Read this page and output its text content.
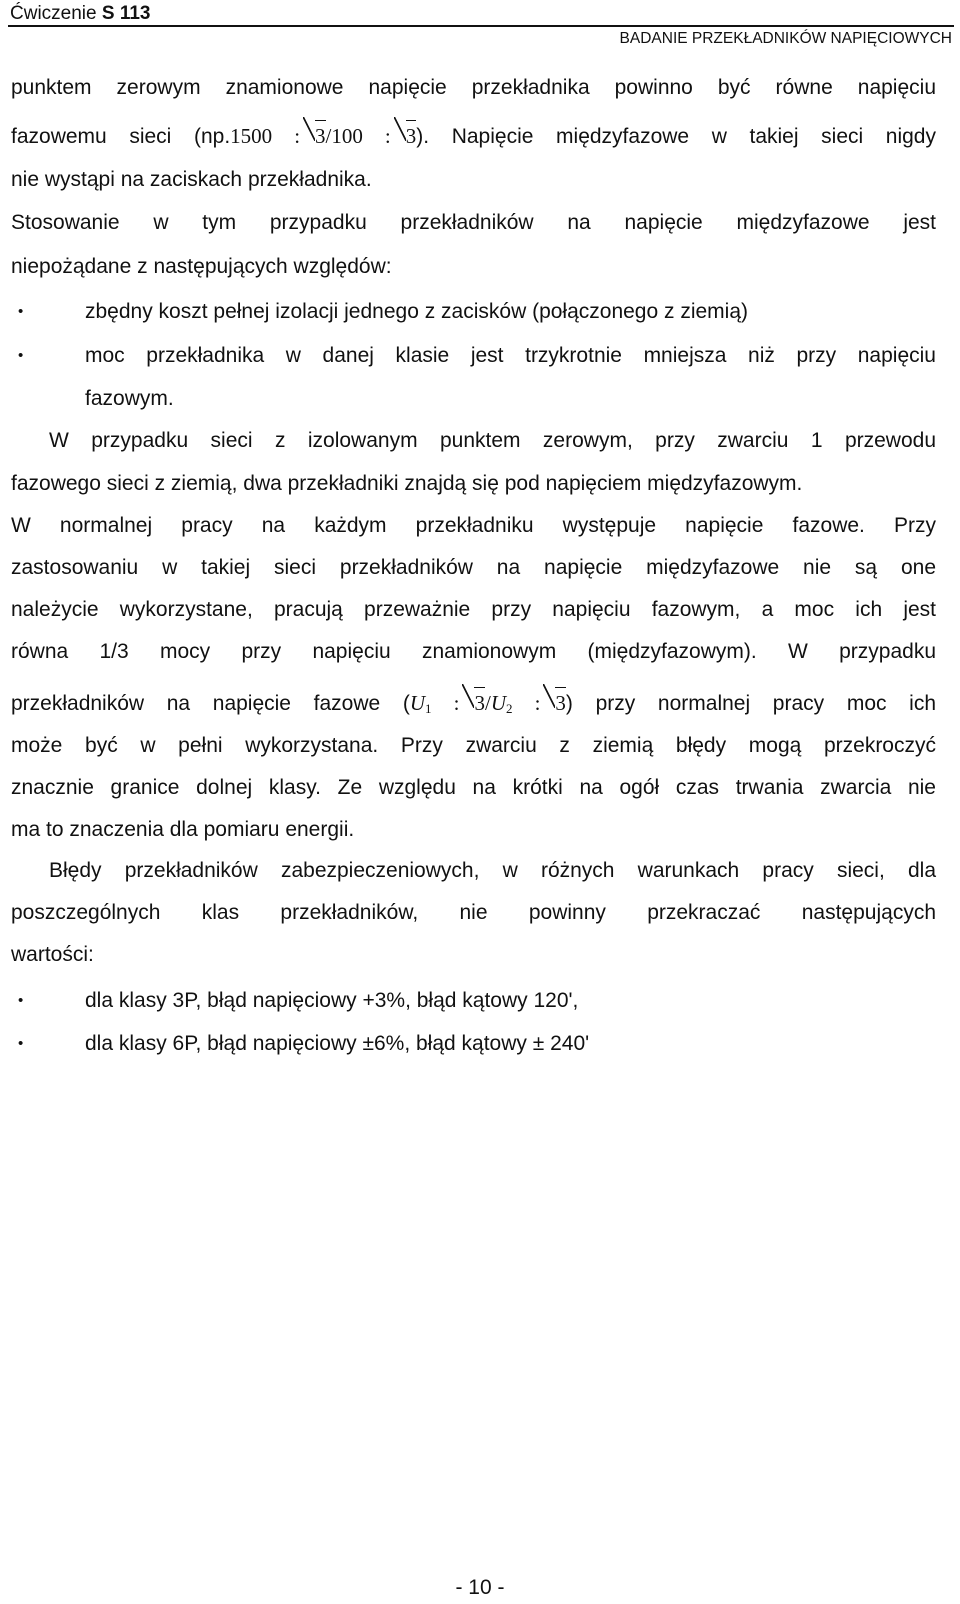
Ćwiczenie S 113
BADANIE PRZEKŁADNIKÓW NAPIĘCIOWYCH
punktem zerowym znamionowe napięcie przekładnika powinno być równe napięciu
fazowemu sieci (np.1500 : 3/100 : 3). Napięcie międzyfazowe w takiej sieci nigdy
nie wystąpi na zaciskach przekładnika.
Stosowanie w tym przypadku przekładników na napięcie międzyfazowe jest
niepożądane z następujących względów:
•	zbędny koszt pełnej izolacji jednego z zacisków (połączonego z ziemią)
•	moc przekładnika w danej klasie jest trzykrotnie mniejsza niż przy napięciu
fazowym.
W przypadku sieci z izolowanym punktem zerowym, przy zwarciu 1 przewodu
fazowego sieci z ziemią, dwa przekładniki znajdą się pod napięciem międzyfazowym.
W normalnej pracy na każdym przekładniku występuje napięcie fazowe. Przy
zastosowaniu w takiej sieci przekładników na napięcie międzyfazowe nie są one
należycie wykorzystane, pracują przeważnie przy napięciu fazowym, a moc ich jest
równa 1/3 mocy przy napięciu znamionowym (międzyfazowym). W przypadku
przekładników na napięcie fazowe ($U_1$ : $3/U_2$ : 3) przy normalnej pracy moc ich
może być w pełni wykorzystana. Przy zwarciu z ziemią błędy mogą przekroczyć
znacznie granice dolnej klasy. Ze względu na krótki na ogół czas trwania zwarcia nie
ma to znaczenia dla pomiaru energii.
Błędy przekładników zabezpieczeniowych, w różnych warunkach pracy sieci, dla
poszczególnych klas przekładników, nie powinny przekraczać następujących
wartości:
•	dla klasy 3P, błąd napięciowy +3%, błąd kątowy 120',
•	dla klasy 6P, błąd napięciowy ±6%, błąd kątowy ± 240'
- 10 -
